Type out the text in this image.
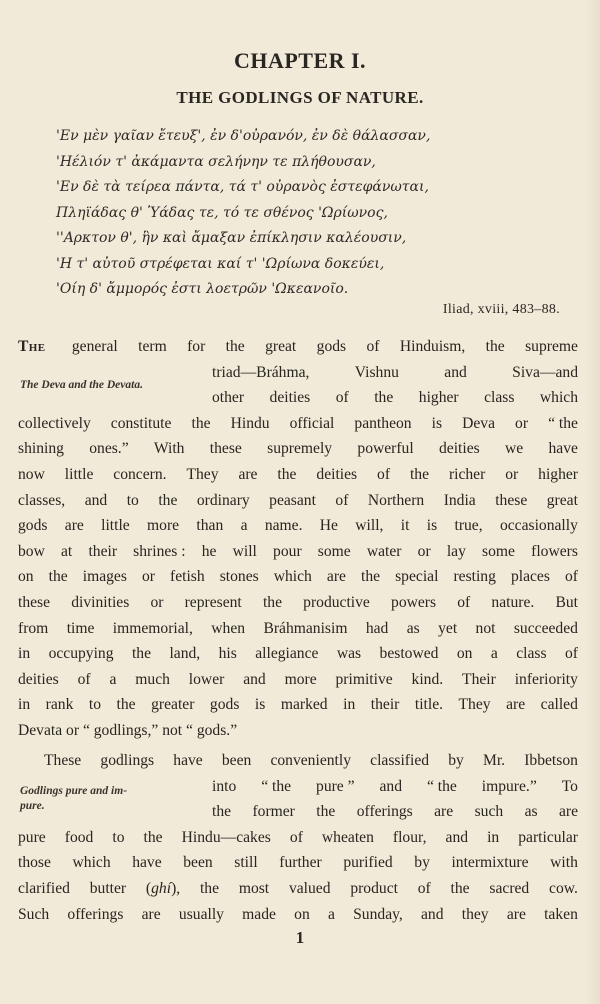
CHAPTER I.
THE GODLINGS OF NATURE.
'Εν μὲν γαῖαν ἔτευξ', ἐν δ'οὐρανόν, ἐν δὲ θάλασσαν,
'Ηέλιόν τ' ἀκάμαντα σελήνην τε πλήθουσαν,
'Εν δὲ τὰ τείρεα πάντα, τά τ' οὐρανὸς ἐστεφάνωται,
Πληϊάδας θ' Ὑάδας τε, τό τε σθένος 'Ωρίωνος,
''Αρκτον θ', ἣν καὶ ἄμαξαν ἐπίκλησιν καλέουσιν,
'Η τ' αὐτοῦ στρέφεται καί τ' 'Ωρίωνα δοκεύει,
'Οίη δ' ἄμμορός ἐστι λοετρῶν 'Ωκεανοῖο.
Iliad, xviii, 483–88.
The Deva and the Devata.
Godlings pure and im-
pure.
The general term for the great gods of Hinduism, the supreme
triad—Bráhma,	Vishnu	and	Siva—and
other deities of the higher class which
collectively constitute the Hindu official pantheon is Deva or “ the
shining ones.” With these supremely powerful deities we have
now little concern. They are the deities of the richer or higher
classes, and to the ordinary peasant of Northern India these great
gods are little more than a name. He will, it is true, occasionally
bow at their shrines : he will pour some water or lay some flowers
on the images or fetish stones which are the special resting places of
these divinities or represent the productive powers of nature. But
from time immemorial, when Bráhmanisim had as yet not succeeded
in occupying the land, his allegiance was bestowed on a class of
deities of a much lower and more primitive kind. Their inferiority
in rank to the greater gods is marked in their title. They are called
Devata or “ godlings,” not “ gods.”
These godlings have been conveniently classified by Mr. Ibbetson
into “ the pure ” and “ the impure.” To
the former the offerings are such as are
pure food to the Hindu—cakes of wheaten flour, and in particular
those which have been still further purified by intermixture with
clarified butter (ghí), the most valued product of the sacred cow.
Such offerings are usually made on a Sunday, and they are taken
1
